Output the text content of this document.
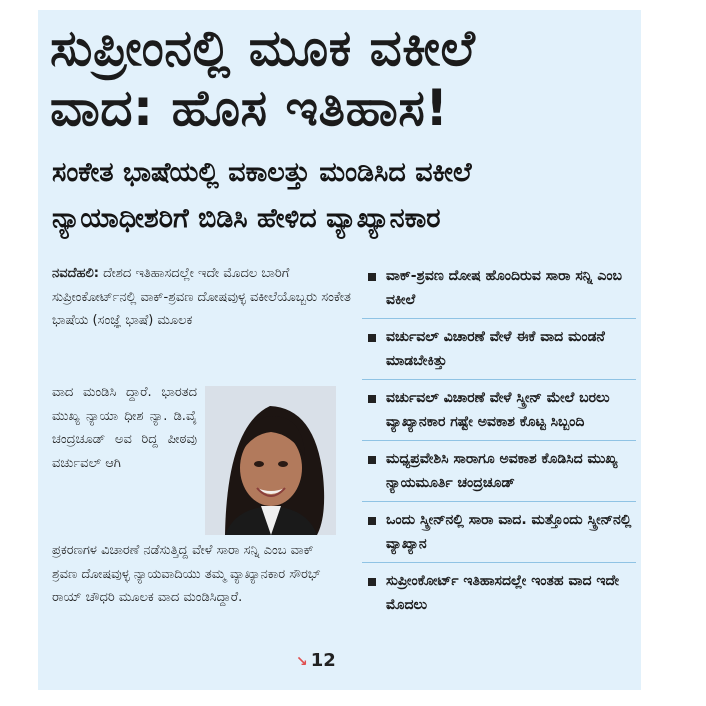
ಸುಪ್ರೀಂನಲ್ಲಿ ಮೂಕ ವಕೀಲೆ
ವಾದ: ಹೊಸ ಇತಿಹಾಸ!
ಸಂಕೇತ ಭಾಷೆಯಲ್ಲಿ ವಕಾಲತ್ತು ಮಂಡಿಸಿದ ವಕೀಲೆ
ನ್ಯಾಯಾಧೀಶರಿಗೆ ಬಿಡಿಸಿ ಹೇಳಿದ ವ್ಯಾಖ್ಯಾನಕಾರ
ನವದೆಹಲಿ: ದೇಶದ ಇತಿಹಾಸದಲ್ಲೇ ಇದೇ ಮೊದಲ ಬಾರಿಗೆ ಸುಪ್ರೀಂಕೋರ್ಟ್‌ನಲ್ಲಿ ವಾಕ್‌-ಶ್ರವಣ ದೋಷವುಳ್ಳ ವಕೀಲೆಯೊಬ್ಬರು ಸಂಕೇತ ಭಾಷೆಯ (ಸಂಜ್ಞೆ ಭಾಷೆ) ಮೂಲಕ
ವಾದ ಮಂಡಿಸಿ ದ್ದಾರೆ. ಭಾರತದ ಮುಖ್ಯ ನ್ಯಾಯಾ ಧೀಶ ನ್ಯಾ. ಡಿ.ವೈ ಚಂದ್ರಚೂಡ್ ಅವ ರಿದ್ದ ಪೀಠವು ವರ್ಚುವಲ್ ಆಗಿ
ಪ್ರಕರಣಗಳ ವಿಚಾರಣೆ ನಡೆಸುತ್ತಿದ್ದ ವೇಳೆ ಸಾರಾ ಸನ್ನಿ ಎಂಬ ವಾಕ್‌ ಶ್ರವಣ ದೋಷವುಳ್ಳ ನ್ಯಾಯವಾದಿಯು ತಮ್ಮ ವ್ಯಾಖ್ಯಾನಕಾರ ಸೌರಭ್ ರಾಯ್ ಚೌಧರಿ ಮೂಲಕ ವಾದ ಮಂಡಿಸಿದ್ದಾರೆ.
↘ 12
ವಾಕ್‌-ಶ್ರವಣ ದೋಷ ಹೊಂದಿರುವ ಸಾರಾ ಸನ್ನಿ ಎಂಬ ವಕೀಲೆ
ವರ್ಚುವಲ್ ವಿಚಾರಣೆ ವೇಳೆ ಈಕೆ ವಾದ ಮಂಡನೆ ಮಾಡಬೇಕಿತ್ತು
ವರ್ಚುವಲ್ ವಿಚಾರಣೆ ವೇಳೆ ಸ್ಕ್ರೀನ್ ಮೇಲೆ ಬರಲು ವ್ಯಾಖ್ಯಾನಕಾರ ಗಷ್ಟೇ ಅವಕಾಶ ಕೊಟ್ಟ ಸಿಬ್ಬಂದಿ
ಮಧ್ಯಪ್ರವೇಶಿಸಿ ಸಾರಾಗೂ ಅವಕಾಶ ಕೊಡಿಸಿದ ಮುಖ್ಯ ನ್ಯಾಯಮೂರ್ತಿ ಚಂದ್ರಚೂಡ್
ಒಂದು ಸ್ಕ್ರೀನ್‌ನಲ್ಲಿ ಸಾರಾ ವಾದ. ಮತ್ತೊಂದು ಸ್ಕ್ರೀನ್‌ನಲ್ಲಿ ವ್ಯಾಖ್ಯಾನ
ಸುಪ್ರೀಂಕೋರ್ಟ್ ಇತಿಹಾಸದಲ್ಲೇ ಇಂತಹ ವಾದ ಇದೇ ಮೊದಲು
